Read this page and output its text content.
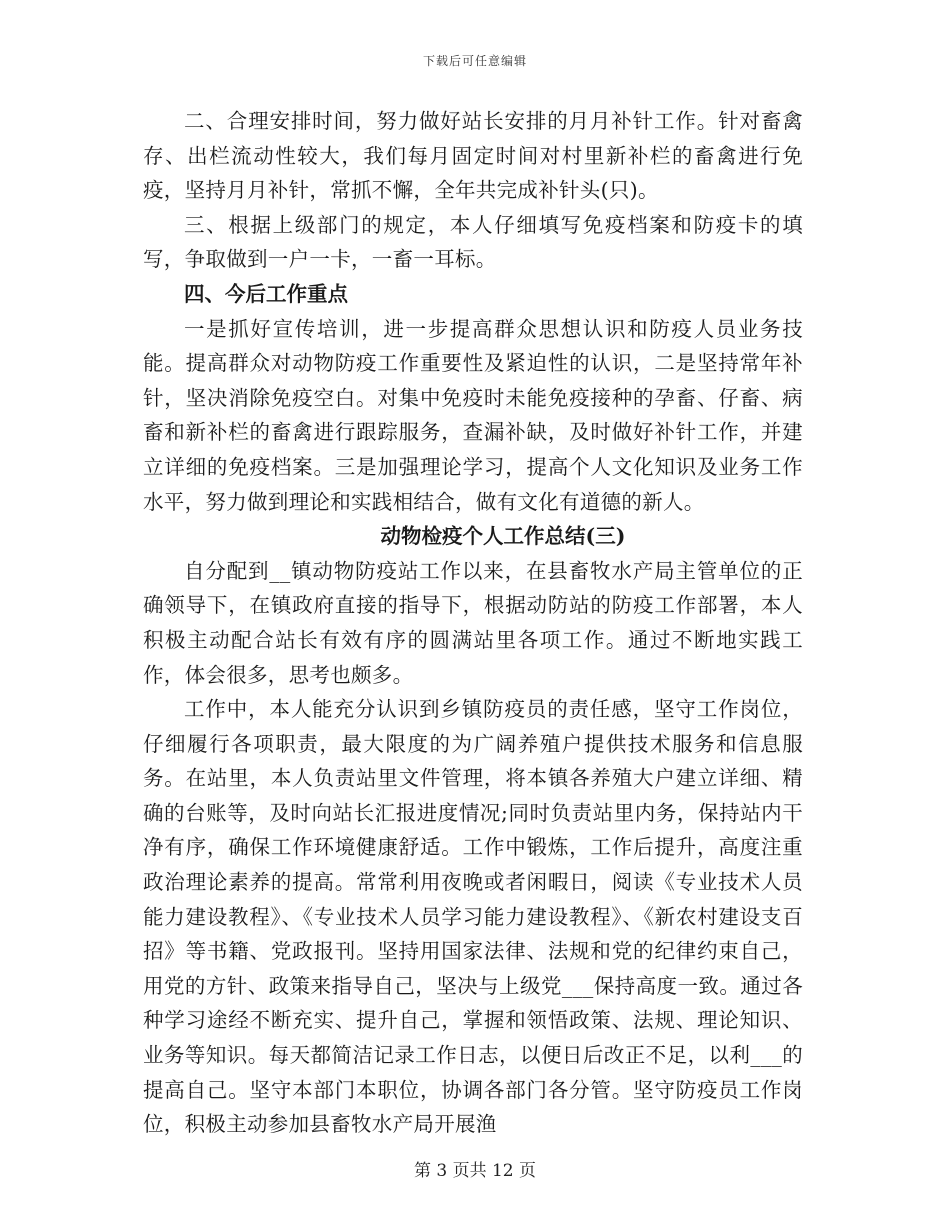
下载后可任意编辑

二、合理安排时间，努力做好站长安排的月月补针工作。针对畜禽存、出栏流动性较大，我们每月固定时间对村里新补栏的畜禽进行免疫，坚持月月补针，常抓不懈，全年共完成补针头(只)。

三、根据上级部门的规定，本人仔细填写免疫档案和防疫卡的填写，争取做到一户一卡，一畜一耳标。

四、今后工作重点

一是抓好宣传培训，进一步提高群众思想认识和防疫人员业务技能。提高群众对动物防疫工作重要性及紧迫性的认识，二是坚持常年补针，坚决消除免疫空白。对集中免疫时未能免疫接种的孕畜、仔畜、病畜和新补栏的畜禽进行跟踪服务，查漏补缺，及时做好补针工作，并建立详细的免疫档案。三是加强理论学习，提高个人文化知识及业务工作水平，努力做到理论和实践相结合，做有文化有道德的新人。

动物检疫个人工作总结(三)

自分配到__镇动物防疫站工作以来，在县畜牧水产局主管单位的正确领导下，在镇政府直接的指导下，根据动防站的防疫工作部署，本人积极主动配合站长有效有序的圆满站里各项工作。通过不断地实践工作，体会很多，思考也颇多。

工作中，本人能充分认识到乡镇防疫员的责任感，坚守工作岗位，仔细履行各项职责，最大限度的为广阔养殖户提供技术服务和信息服务。在站里，本人负责站里文件管理，将本镇各养殖大户建立详细、精确的台账等，及时向站长汇报进度情况;同时负责站里内务，保持站内干净有序，确保工作环境健康舒适。工作中锻炼，工作后提升，高度注重政治理论素养的提高。常常利用夜晚或者闲暇日，阅读《专业技术人员能力建设教程》、《专业技术人员学习能力建设教程》、《新农村建设支百招》等书籍、党政报刊。坚持用国家法律、法规和党的纪律约束自己，用党的方针、政策来指导自己，坚决与上级党___保持高度一致。通过各种学习途经不断充实、提升自己，掌握和领悟政策、法规、理论知识、业务等知识。每天都简洁记录工作日志，以便日后改正不足，以利___的提高自己。坚守本部门本职位，协调各部门各分管。坚守防疫员工作岗位，积极主动参加县畜牧水产局开展渔

第 3 页共 12 页
